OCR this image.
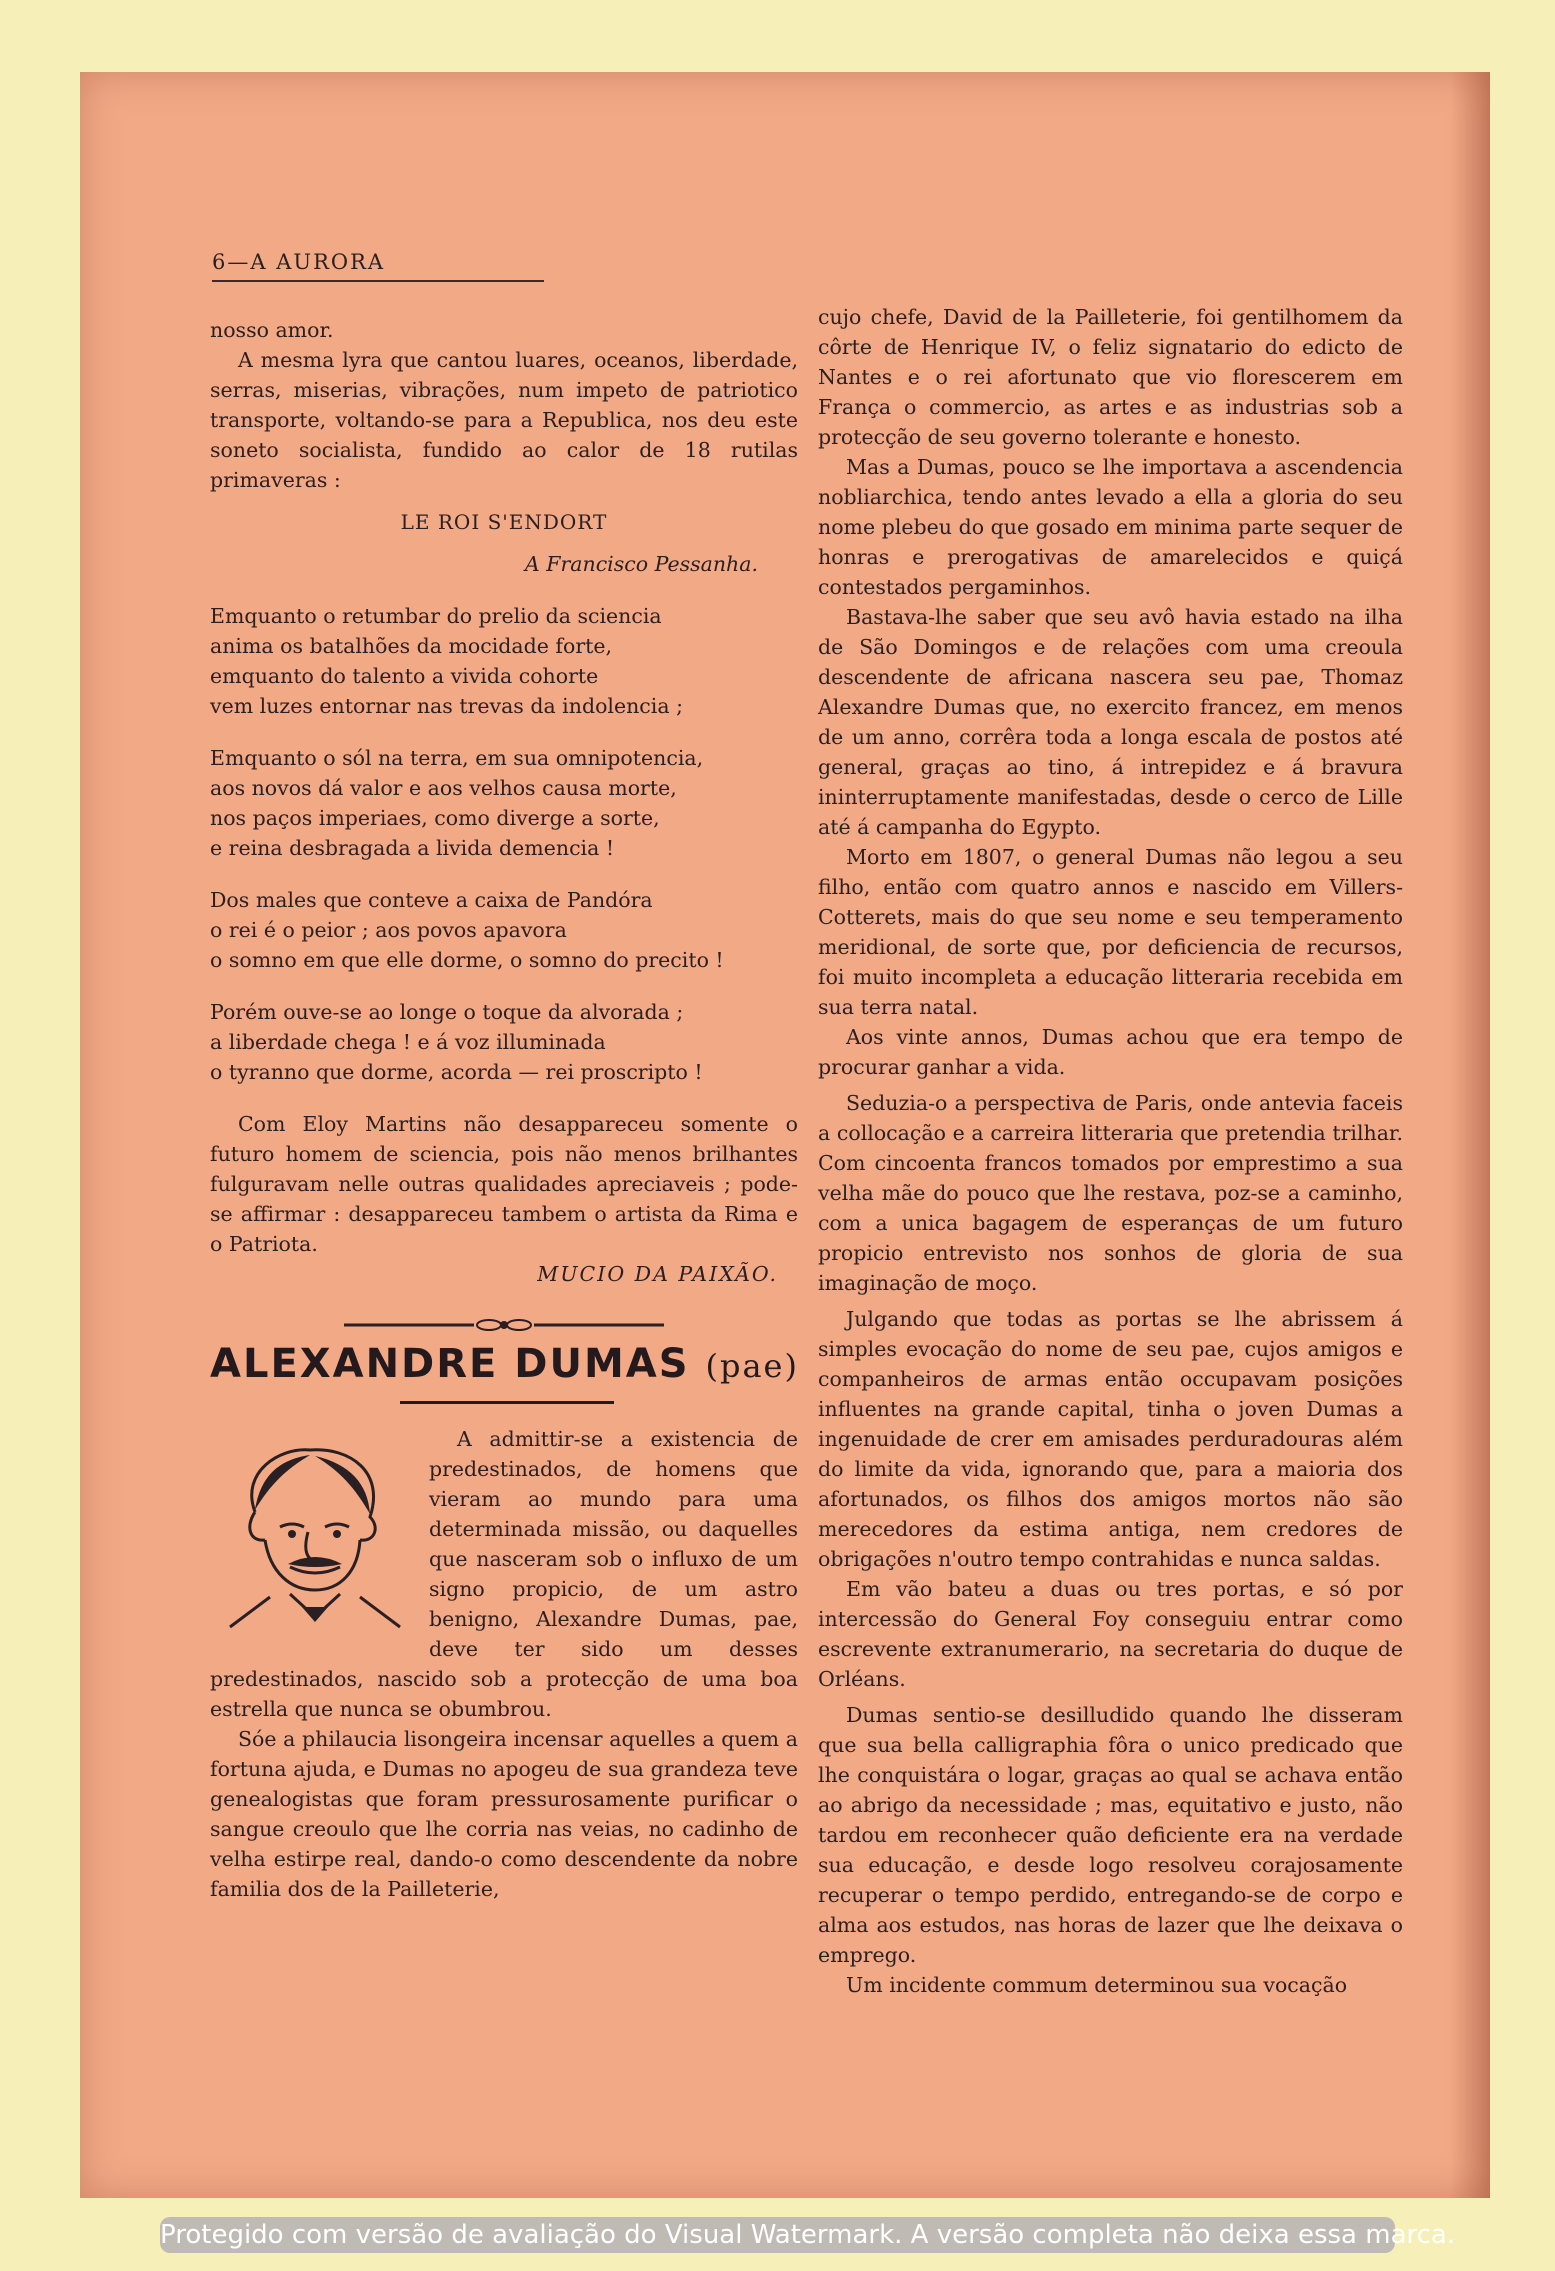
6—A AURORA

nosso amor.

A mesma lyra que cantou luares, oceanos, liberdade, serras, miserias, vibrações, num impeto de patriotico transporte, voltando-se para a Republica, nos deu este soneto socialista, fundido ao calor de 18 rutilas primaveras :

LE ROI S'ENDORT

A Francisco Pessanha.

Emquanto o retumbar do prelio da sciencia
anima os batalhões da mocidade forte,
emquanto do talento a vivida cohorte
vem luzes entornar nas trevas da indolencia ;
Emquanto o sól na terra, em sua omnipotencia,
aos novos dá valor e aos velhos causa morte,
nos paços imperiaes, como diverge a sorte,
e reina desbragada a livida demencia !
Dos males que conteve a caixa de Pandóra
o rei é o peior ; aos povos apavora
o somno em que elle dorme, o somno do precito !
Porém ouve-se ao longe o toque da alvorada ;
a liberdade chega ! e á voz illuminada
o tyranno que dorme, acorda — rei proscripto !

Com Eloy Martins não desappareceu somente o futuro homem de sciencia, pois não menos brilhantes fulguravam nelle outras qualidades apreciaveis ; pode-se affirmar : desappareceu tambem o artista da Rima e o Patriota.

MUCIO DA PAIXÃO.

ALEXANDRE DUMAS (pae)

A admittir-se a existencia de predestinados, de homens que vieram ao mundo para uma determinada missão, ou daquelles que nasceram sob o influxo de um signo propicio, de um astro benigno, Alexandre Dumas, pae, deve ter sido um desses predestinados, nascido sob a protecção de uma boa estrella que nunca se obumbrou.

Sóe a philaucia lisongeira incensar aquelles a quem a fortuna ajuda, e Dumas no apogeu de sua grandeza teve genealogistas que foram pressurosamente purificar o sangue creoulo que lhe corria nas veias, no cadinho de velha estirpe real, dando-o como descendente da nobre familia dos de la Pailleterie,

cujo chefe, David de la Pailleterie, foi gentilhomem da côrte de Henrique IV, o feliz signatario do edicto de Nantes e o rei afortunato que vio florescerem em França o commercio, as artes e as industrias sob a protecção de seu governo tolerante e honesto.

Mas a Dumas, pouco se lhe importava a ascendencia nobliarchica, tendo antes levado a ella a gloria do seu nome plebeu do que gosado em minima parte sequer de honras e prerogativas de amarelecidos e quiçá contestados pergaminhos.

Bastava-lhe saber que seu avô havia estado na ilha de São Domingos e de relações com uma creoula descendente de africana nascera seu pae, Thomaz Alexandre Dumas que, no exercito francez, em menos de um anno, corrêra toda a longa escala de postos até general, graças ao tino, á intrepidez e á bravura ininterruptamente manifestadas, desde o cerco de Lille até á campanha do Egypto.

Morto em 1807, o general Dumas não legou a seu filho, então com quatro annos e nascido em Villers-Cotterets, mais do que seu nome e seu temperamento meridional, de sorte que, por deficiencia de recursos, foi muito incompleta a educação litteraria recebida em sua terra natal.

Aos vinte annos, Dumas achou que era tempo de procurar ganhar a vida.

Seduzia-o a perspectiva de Paris, onde antevia faceis a collocação e a carreira litteraria que pretendia trilhar. Com cincoenta francos tomados por emprestimo a sua velha mãe do pouco que lhe restava, poz-se a caminho, com a unica bagagem de esperanças de um futuro propicio entrevisto nos sonhos de gloria de sua imaginação de moço.

Julgando que todas as portas se lhe abrissem á simples evocação do nome de seu pae, cujos amigos e companheiros de armas então occupavam posições influentes na grande capital, tinha o joven Dumas a ingenuidade de crer em amisades perduradouras além do limite da vida, ignorando que, para a maioria dos afortunados, os filhos dos amigos mortos não são merecedores da estima antiga, nem credores de obrigações n'outro tempo contrahidas e nunca saldas.

Em vão bateu a duas ou tres portas, e só por intercessão do General Foy conseguiu entrar como escrevente extranumerario, na secretaria do duque de Orléans.

Dumas sentio-se desilludido quando lhe disseram que sua bella calligraphia fôra o unico predicado que lhe conquistára o logar, graças ao qual se achava então ao abrigo da necessidade ; mas, equitativo e justo, não tardou em reconhecer quão deficiente era na verdade sua educação, e desde logo resolveu corajosamente recuperar o tempo perdido, entregando-se de corpo e alma aos estudos, nas horas de lazer que lhe deixava o emprego.

Um incidente commum determinou sua vocação

Protegido com versão de avaliação do Visual Watermark. A versão completa não deixa essa marca.
